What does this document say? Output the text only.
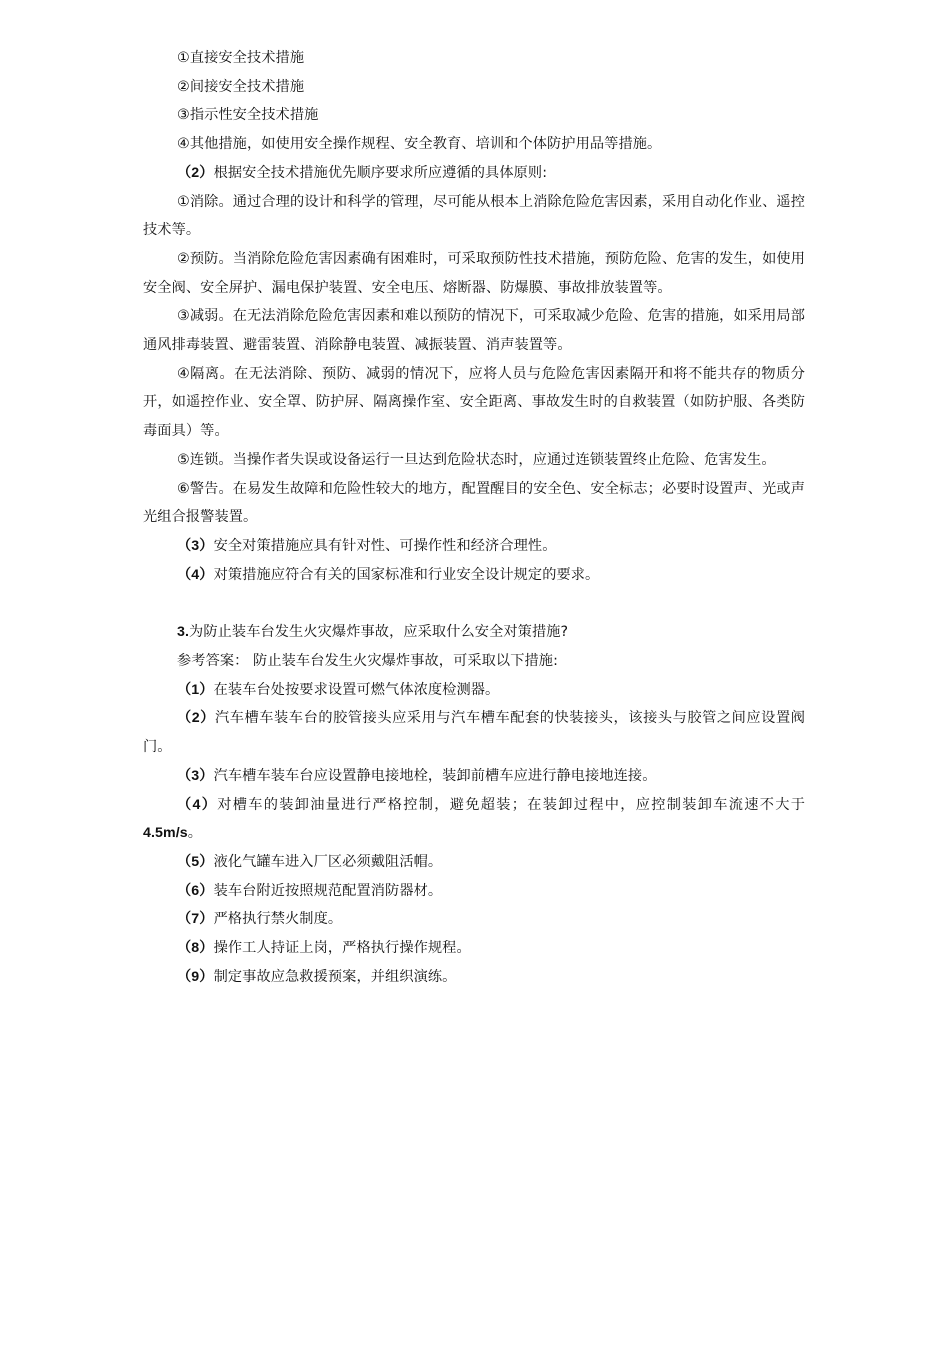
①直接安全技术措施

②间接安全技术措施

③指示性安全技术措施

④其他措施，如使用安全操作规程、安全教育、培训和个体防护用品等措施。

（2）根据安全技术措施优先顺序要求所应遵循的具体原则:

①消除。通过合理的设计和科学的管理，尽可能从根本上消除危险危害因素，采用自动化作业、遥控技术等。

②预防。当消除危险危害因素确有困难时，可采取预防性技术措施，预防危险、危害的发生，如使用安全阀、安全屏护、漏电保护装置、安全电压、熔断器、防爆膜、事故排放装置等。

③减弱。在无法消除危险危害因素和难以预防的情况下，可采取减少危险、危害的措施，如采用局部通风排毒装置、避雷装置、消除静电装置、减振装置、消声装置等。

④隔离。在无法消除、预防、减弱的情况下，应将人员与危险危害因素隔开和将不能共存的物质分开，如遥控作业、安全罩、防护屏、隔离操作室、安全距离、事故发生时的自救装置（如防护服、各类防毒面具）等。

⑤连锁。当操作者失误或设备运行一旦达到危险状态时，应通过连锁装置终止危险、危害发生。

⑥警告。在易发生故障和危险性较大的地方，配置醒目的安全色、安全标志；必要时设置声、光或声光组合报警装置。

（3）安全对策措施应具有针对性、可操作性和经济合理性。

（4）对策措施应符合有关的国家标准和行业安全设计规定的要求。

3.为防止装车台发生火灾爆炸事故，应采取什么安全对策措施?

参考答案： 防止装车台发生火灾爆炸事故，可采取以下措施:

（1）在装车台处按要求设置可燃气体浓度检测器。

（2）汽车槽车装车台的胶管接头应采用与汽车槽车配套的快装接头，该接头与胶管之间应设置阀门。

（3）汽车槽车装车台应设置静电接地栓，装卸前槽车应进行静电接地连接。

（4）对槽车的装卸油量进行严格控制，避免超装；在装卸过程中，应控制装卸车流速不大于4.5m/s。

（5）液化气罐车进入厂区必须戴阻活帽。

（6）装车台附近按照规范配置消防器材。

（7）严格执行禁火制度。

（8）操作工人持证上岗，严格执行操作规程。

（9）制定事故应急救援预案，并组织演练。
